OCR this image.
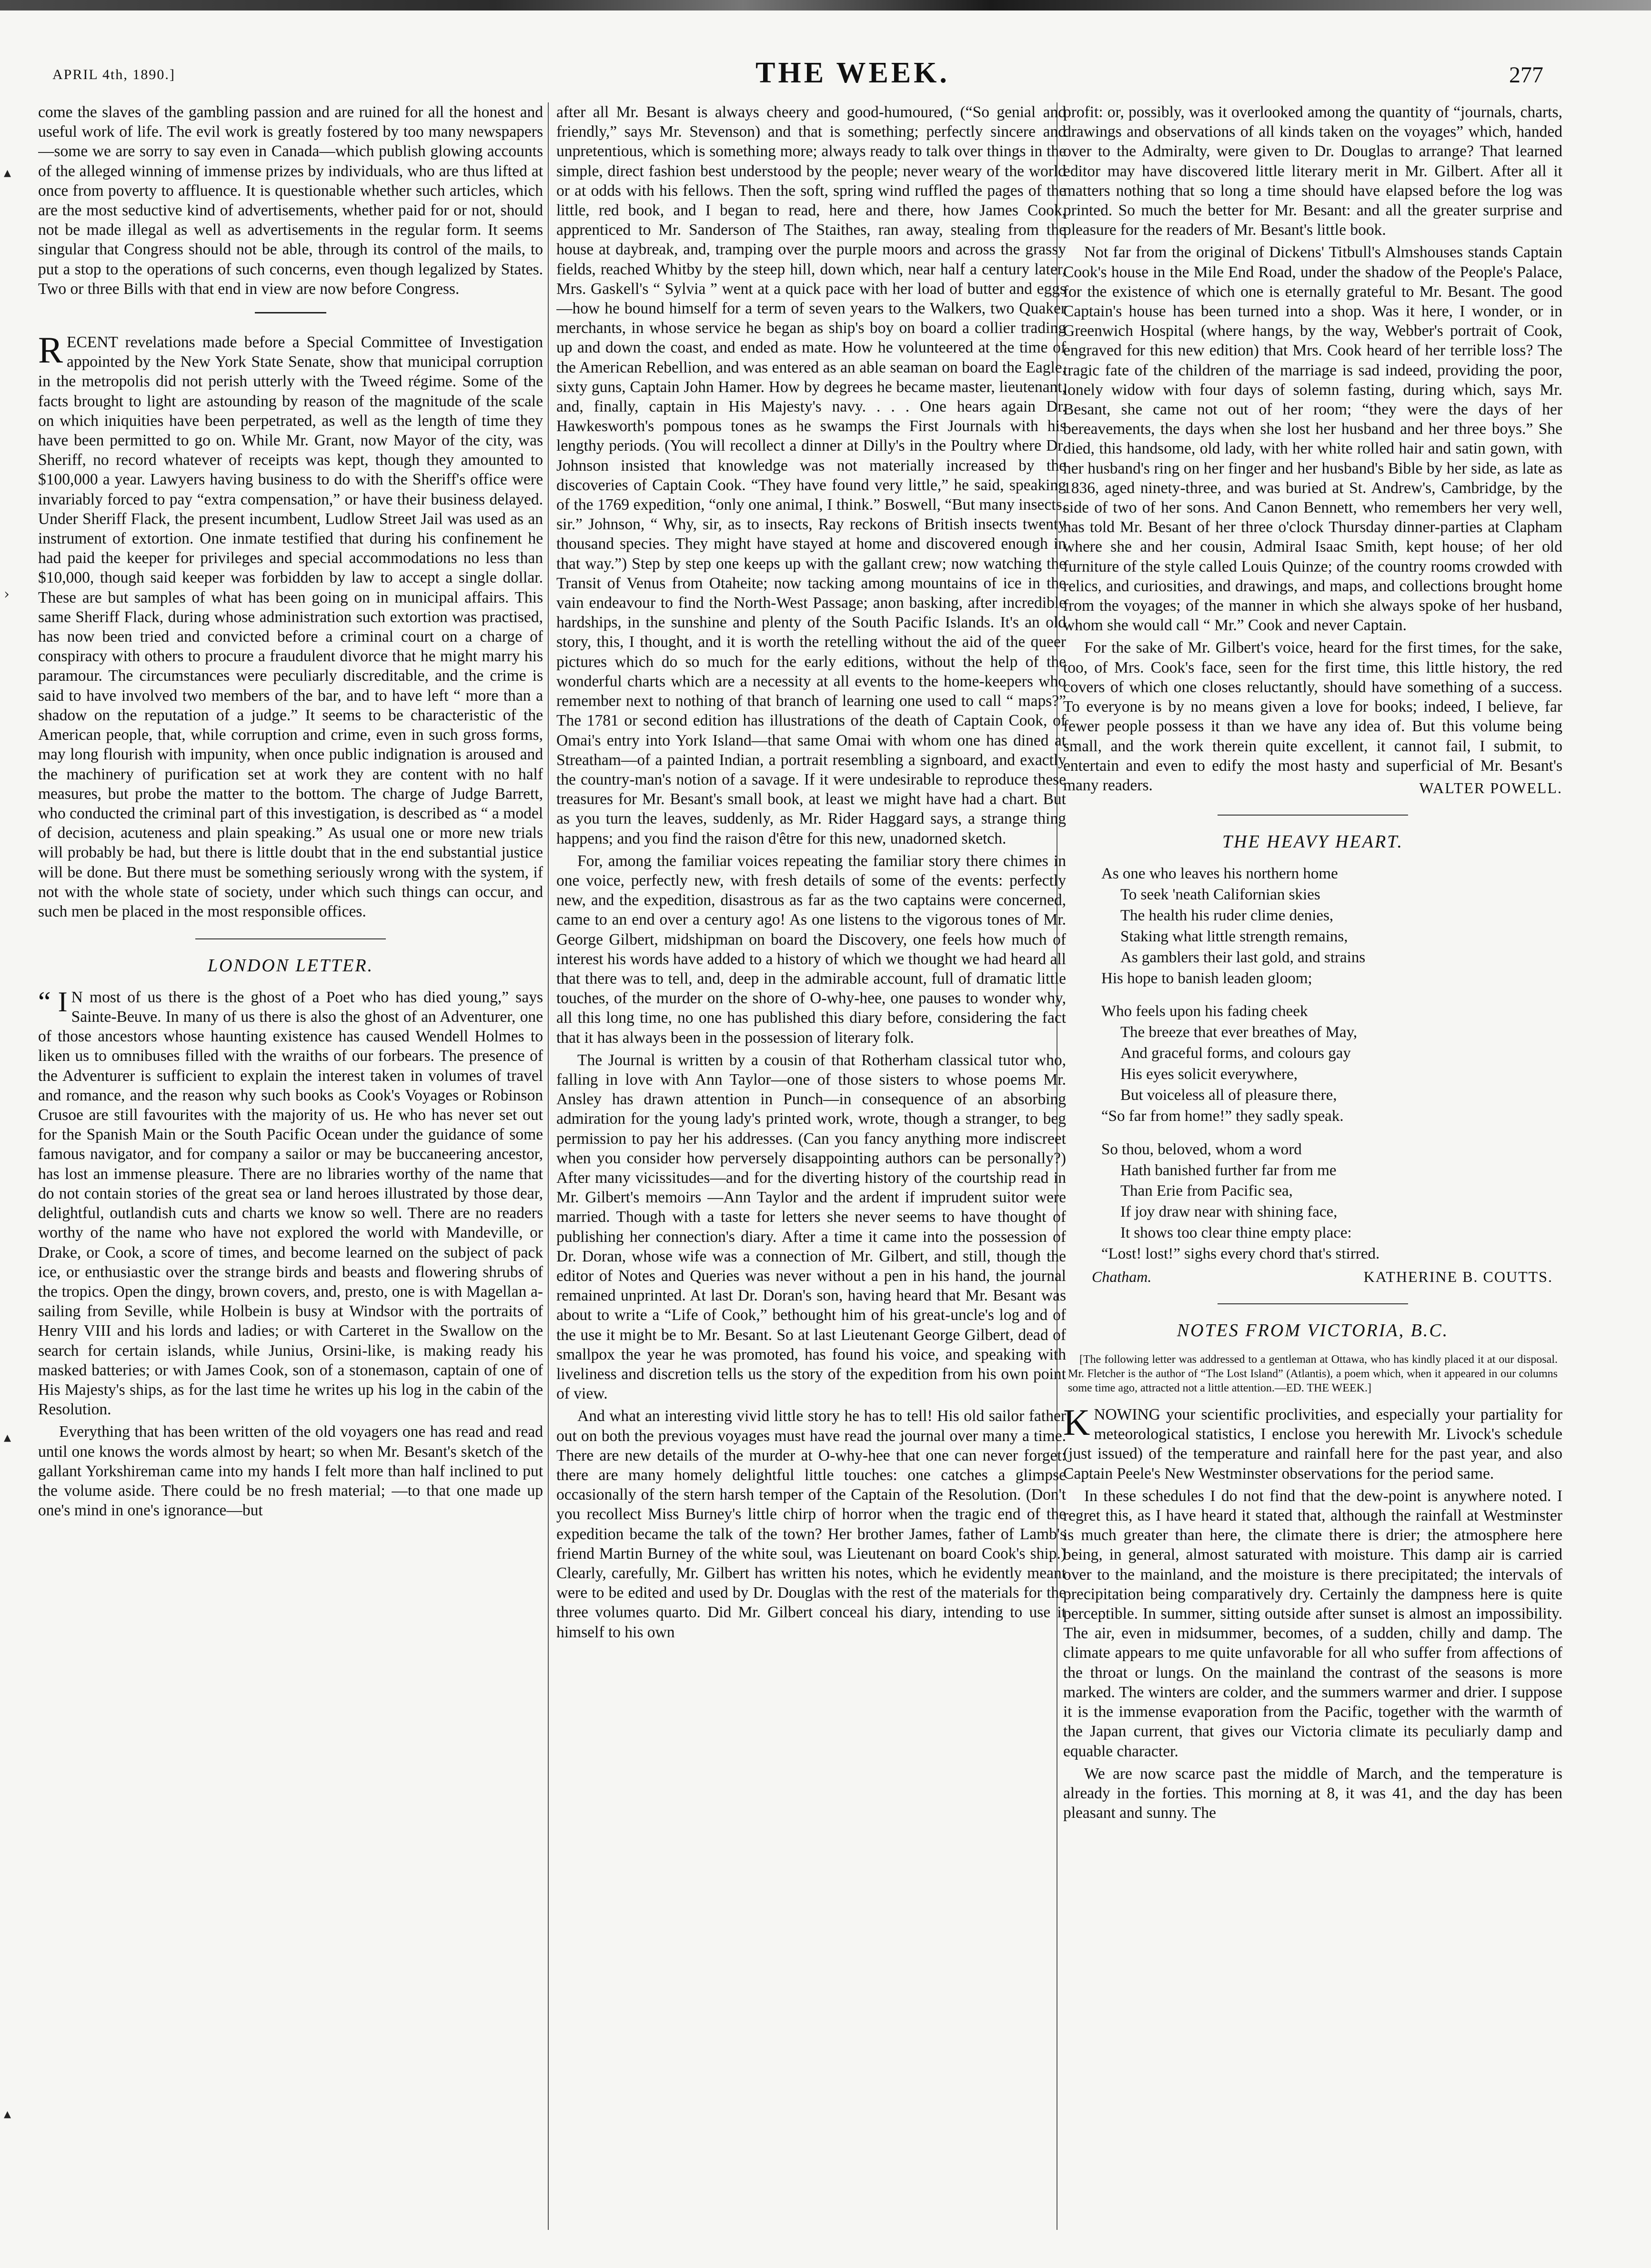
APRIL 4th, 1890.]	THE WEEK.	277
▴
›
▴
▴

come the slaves of the gambling passion and are ruined for all the honest and useful work of life. The evil work is greatly fostered by too many newspapers—some we are sorry to say even in Canada—which publish glowing accounts of the alleged winning of immense prizes by individuals, who are thus lifted at once from poverty to affluence. It is questionable whether such articles, which are the most seductive kind of advertisements, whether paid for or not, should not be made illegal as well as advertisements in the regular form. It seems singular that Congress should not be able, through its control of the mails, to put a stop to the operations of such concerns, even though legalized by States. Two or three Bills with that end in view are now before Congress.

RECENT revelations made before a Special Committee of Investigation appointed by the New York State Senate, show that municipal corruption in the metropolis did not perish utterly with the Tweed régime. Some of the facts brought to light are astounding by reason of the magnitude of the scale on which iniquities have been perpetrated, as well as the length of time they have been permitted to go on. While Mr. Grant, now Mayor of the city, was Sheriff, no record whatever of receipts was kept, though they amounted to $100,000 a year. Lawyers having business to do with the Sheriff's office were invariably forced to pay “extra compensation,” or have their business delayed. Under Sheriff Flack, the present incumbent, Ludlow Street Jail was used as an instrument of extortion. One inmate testified that during his confinement he had paid the keeper for privileges and special accommodations no less than $10,000, though said keeper was forbidden by law to accept a single dollar. These are but samples of what has been going on in municipal affairs. This same Sheriff Flack, during whose administration such extortion was practised, has now been tried and convicted before a criminal court on a charge of conspiracy with others to procure a fraudulent divorce that he might marry his paramour. The circumstances were peculiarly discreditable, and the crime is said to have involved two members of the bar, and to have left “ more than a shadow on the reputation of a judge.” It seems to be characteristic of the American people, that, while corruption and crime, even in such gross forms, may long flourish with impunity, when once public indignation is aroused and the machinery of purification set at work they are content with no half measures, but probe the matter to the bottom. The charge of Judge Barrett, who conducted the criminal part of this investigation, is described as “ a model of decision, acuteness and plain speaking.” As usual one or more new trials will probably be had, but there is little doubt that in the end substantial justice will be done. But there must be something seriously wrong with the system, if not with the whole state of society, under which such things can occur, and such men be placed in the most responsible offices.

LONDON LETTER.

“ I N most of us there is the ghost of a Poet who has died young,” says Sainte-Beuve. In many of us there is also the ghost of an Adventurer, one of those ancestors whose haunting existence has caused Wendell Holmes to liken us to omnibuses filled with the wraiths of our forbears. The presence of the Adventurer is sufficient to explain the interest taken in volumes of travel and romance, and the reason why such books as Cook's Voyages or Robinson Crusoe are still favourites with the majority of us. He who has never set out for the Spanish Main or the South Pacific Ocean under the guidance of some famous navigator, and for company a sailor or may be buccaneering ancestor, has lost an immense pleasure. There are no libraries worthy of the name that do not contain stories of the great sea or land heroes illustrated by those dear, delightful, outlandish cuts and charts we know so well. There are no readers worthy of the name who have not explored the world with Mandeville, or Drake, or Cook, a score of times, and become learned on the subject of pack ice, or enthusiastic over the strange birds and beasts and flowering shrubs of the tropics. Open the dingy, brown covers, and, presto, one is with Magellan a-sailing from Seville, while Holbein is busy at Windsor with the portraits of Henry VIII and his lords and ladies; or with Carteret in the Swallow on the search for certain islands, while Junius, Orsini-like, is making ready his masked batteries; or with James Cook, son of a stonemason, captain of one of His Majesty's ships, as for the last time he writes up his log in the cabin of the Resolution.

Everything that has been written of the old voyagers one has read and read until one knows the words almost by heart; so when Mr. Besant's sketch of the gallant Yorkshireman came into my hands I felt more than half inclined to put the volume aside. There could be no fresh material; —to that one made up one's mind in one's ignorance—but

after all Mr. Besant is always cheery and good-humoured, (“So genial and friendly,” says Mr. Stevenson) and that is something; perfectly sincere and unpretentious, which is something more; always ready to talk over things in the simple, direct fashion best understood by the people; never weary of the world or at odds with his fellows. Then the soft, spring wind ruffled the pages of the little, red book, and I began to read, here and there, how James Cook, apprenticed to Mr. Sanderson of The Staithes, ran away, stealing from the house at daybreak, and, tramping over the purple moors and across the grassy fields, reached Whitby by the steep hill, down which, near half a century later, Mrs. Gaskell's “ Sylvia ” went at a quick pace with her load of butter and eggs—how he bound himself for a term of seven years to the Walkers, two Quaker merchants, in whose service he began as ship's boy on board a collier trading up and down the coast, and ended as mate. How he volunteered at the time of the American Rebellion, and was entered as an able seaman on board the Eagle, sixty guns, Captain John Hamer. How by degrees he became master, lieutenant, and, finally, captain in His Majesty's navy. . . . One hears again Dr. Hawkesworth's pompous tones as he swamps the First Journals with his lengthy periods. (You will recollect a dinner at Dilly's in the Poultry where Dr. Johnson insisted that knowledge was not materially increased by the discoveries of Captain Cook. “They have found very little,” he said, speaking of the 1769 expedition, “only one animal, I think.” Boswell, “But many insects, sir.” Johnson, “ Why, sir, as to insects, Ray reckons of British insects twenty thousand species. They might have stayed at home and discovered enough in that way.”) Step by step one keeps up with the gallant crew; now watching the Transit of Venus from Otaheite; now tacking among mountains of ice in the vain endeavour to find the North-West Passage; anon basking, after incredible hardships, in the sunshine and plenty of the South Pacific Islands. It's an old story, this, I thought, and it is worth the retelling without the aid of the queer pictures which do so much for the early editions, without the help of the wonderful charts which are a necessity at all events to the home-keepers who remember next to nothing of that branch of learning one used to call “ maps?” The 1781 or second edition has illustrations of the death of Captain Cook, of Omai's entry into York Island—that same Omai with whom one has dined at Streatham—of a painted Indian, a portrait resembling a signboard, and exactly the country-man's notion of a savage. If it were undesirable to reproduce these treasures for Mr. Besant's small book, at least we might have had a chart. But as you turn the leaves, suddenly, as Mr. Rider Haggard says, a strange thing happens; and you find the raison d'être for this new, unadorned sketch.

For, among the familiar voices repeating the familiar story there chimes in one voice, perfectly new, with fresh details of some of the events: perfectly new, and the expedition, disastrous as far as the two captains were concerned, came to an end over a century ago! As one listens to the vigorous tones of Mr. George Gilbert, midshipman on board the Discovery, one feels how much of interest his words have added to a history of which we thought we had heard all that there was to tell, and, deep in the admirable account, full of dramatic little touches, of the murder on the shore of O-why-hee, one pauses to wonder why, all this long time, no one has published this diary before, considering the fact that it has always been in the possession of literary folk.

The Journal is written by a cousin of that Rotherham classical tutor who, falling in love with Ann Taylor—one of those sisters to whose poems Mr. Ansley has drawn attention in Punch—in consequence of an absorbing admiration for the young lady's printed work, wrote, though a stranger, to beg permission to pay her his addresses. (Can you fancy anything more indiscreet when you consider how perversely disappointing authors can be personally?) After many vicissitudes—and for the diverting history of the courtship read in Mr. Gilbert's memoirs —Ann Taylor and the ardent if imprudent suitor were married. Though with a taste for letters she never seems to have thought of publishing her connection's diary. After a time it came into the possession of Dr. Doran, whose wife was a connection of Mr. Gilbert, and still, though the editor of Notes and Queries was never without a pen in his hand, the journal remained unprinted. At last Dr. Doran's son, having heard that Mr. Besant was about to write a “Life of Cook,” bethought him of his great-uncle's log and of the use it might be to Mr. Besant. So at last Lieutenant George Gilbert, dead of smallpox the year he was promoted, has found his voice, and speaking with liveliness and discretion tells us the story of the expedition from his own point of view.

And what an interesting vivid little story he has to tell! His old sailor father out on both the previous voyages must have read the journal over many a time. There are new details of the murder at O-why-hee that one can never forget: there are many homely delightful little touches: one catches a glimpse occasionally of the stern harsh temper of the Captain of the Resolution. (Don't you recollect Miss Burney's little chirp of horror when the tragic end of the expedition became the talk of the town? Her brother James, father of Lamb's friend Martin Burney of the white soul, was Lieutenant on board Cook's ship.) Clearly, carefully, Mr. Gilbert has written his notes, which he evidently meant were to be edited and used by Dr. Douglas with the rest of the materials for the three volumes quarto. Did Mr. Gilbert conceal his diary, intending to use it himself to his own

profit: or, possibly, was it overlooked among the quantity of “journals, charts, drawings and observations of all kinds taken on the voyages” which, handed over to the Admiralty, were given to Dr. Douglas to arrange? That learned editor may have discovered little literary merit in Mr. Gilbert. After all it matters nothing that so long a time should have elapsed before the log was printed. So much the better for Mr. Besant: and all the greater surprise and pleasure for the readers of Mr. Besant's little book.

Not far from the original of Dickens' Titbull's Almshouses stands Captain Cook's house in the Mile End Road, under the shadow of the People's Palace, for the existence of which one is eternally grateful to Mr. Besant. The good Captain's house has been turned into a shop. Was it here, I wonder, or in Greenwich Hospital (where hangs, by the way, Webber's portrait of Cook, engraved for this new edition) that Mrs. Cook heard of her terrible loss? The tragic fate of the children of the marriage is sad indeed, providing the poor, lonely widow with four days of solemn fasting, during which, says Mr. Besant, she came not out of her room; “they were the days of her bereavements, the days when she lost her husband and her three boys.” She died, this handsome, old lady, with her white rolled hair and satin gown, with her husband's ring on her finger and her husband's Bible by her side, as late as 1836, aged ninety-three, and was buried at St. Andrew's, Cambridge, by the side of two of her sons. And Canon Bennett, who remembers her very well, has told Mr. Besant of her three o'clock Thursday dinner-parties at Clapham where she and her cousin, Admiral Isaac Smith, kept house; of her old furniture of the style called Louis Quinze; of the country rooms crowded with relics, and curiosities, and drawings, and maps, and collections brought home from the voyages; of the manner in which she always spoke of her husband, whom she would call “ Mr.” Cook and never Captain.

For the sake of Mr. Gilbert's voice, heard for the first times, for the sake, too, of Mrs. Cook's face, seen for the first time, this little history, the red covers of which one closes reluctantly, should have something of a success. To everyone is by no means given a love for books; indeed, I believe, far fewer people possess it than we have any idea of. But this volume being small, and the work therein quite excellent, it cannot fail, I submit, to entertain and even to edify the most hasty and superficial of Mr. Besant's many readers.	WALTER POWELL.
THE HEAVY HEART.
As one who leaves his northern home
To seek 'neath Californian skies
The health his ruder clime denies,
Staking what little strength remains,
As gamblers their last gold, and strains
His hope to banish leaden gloom;
Who feels upon his fading cheek
The breeze that ever breathes of May,
And graceful forms, and colours gay
His eyes solicit everywhere,
But voiceless all of pleasure there,
“So far from home!” they sadly speak.
So thou, beloved, whom a word
Hath banished further far from me
Than Erie from Pacific sea,
If joy draw near with shining face,
It shows too clear thine empty place:
“Lost! lost!” sighs every chord that's stirred.
Chatham.	KATHERINE B. COUTTS.
NOTES FROM VICTORIA, B.C.

[The following letter was addressed to a gentleman at Ottawa, who has kindly placed it at our disposal. Mr. Fletcher is the author of “The Lost Island” (Atlantis), a poem which, when it appeared in our columns some time ago, attracted not a little attention.—ED. THE WEEK.]

KNOWING your scientific proclivities, and especially your partiality for meteorological statistics, I enclose you herewith Mr. Livock's schedule (just issued) of the temperature and rainfall here for the past year, and also Captain Peele's New Westminster observations for the period same.

In these schedules I do not find that the dew-point is anywhere noted. I regret this, as I have heard it stated that, although the rainfall at Westminster is much greater than here, the climate there is drier; the atmosphere here being, in general, almost saturated with moisture. This damp air is carried over to the mainland, and the moisture is there precipitated; the intervals of precipitation being comparatively dry. Certainly the dampness here is quite perceptible. In summer, sitting outside after sunset is almost an impossibility. The air, even in midsummer, becomes, of a sudden, chilly and damp. The climate appears to me quite unfavorable for all who suffer from affections of the throat or lungs. On the mainland the contrast of the seasons is more marked. The winters are colder, and the summers warmer and drier. I suppose it is the immense evaporation from the Pacific, together with the warmth of the Japan current, that gives our Victoria climate its peculiarly damp and equable character.

We are now scarce past the middle of March, and the temperature is already in the forties. This morning at 8, it was 41, and the day has been pleasant and sunny. The
